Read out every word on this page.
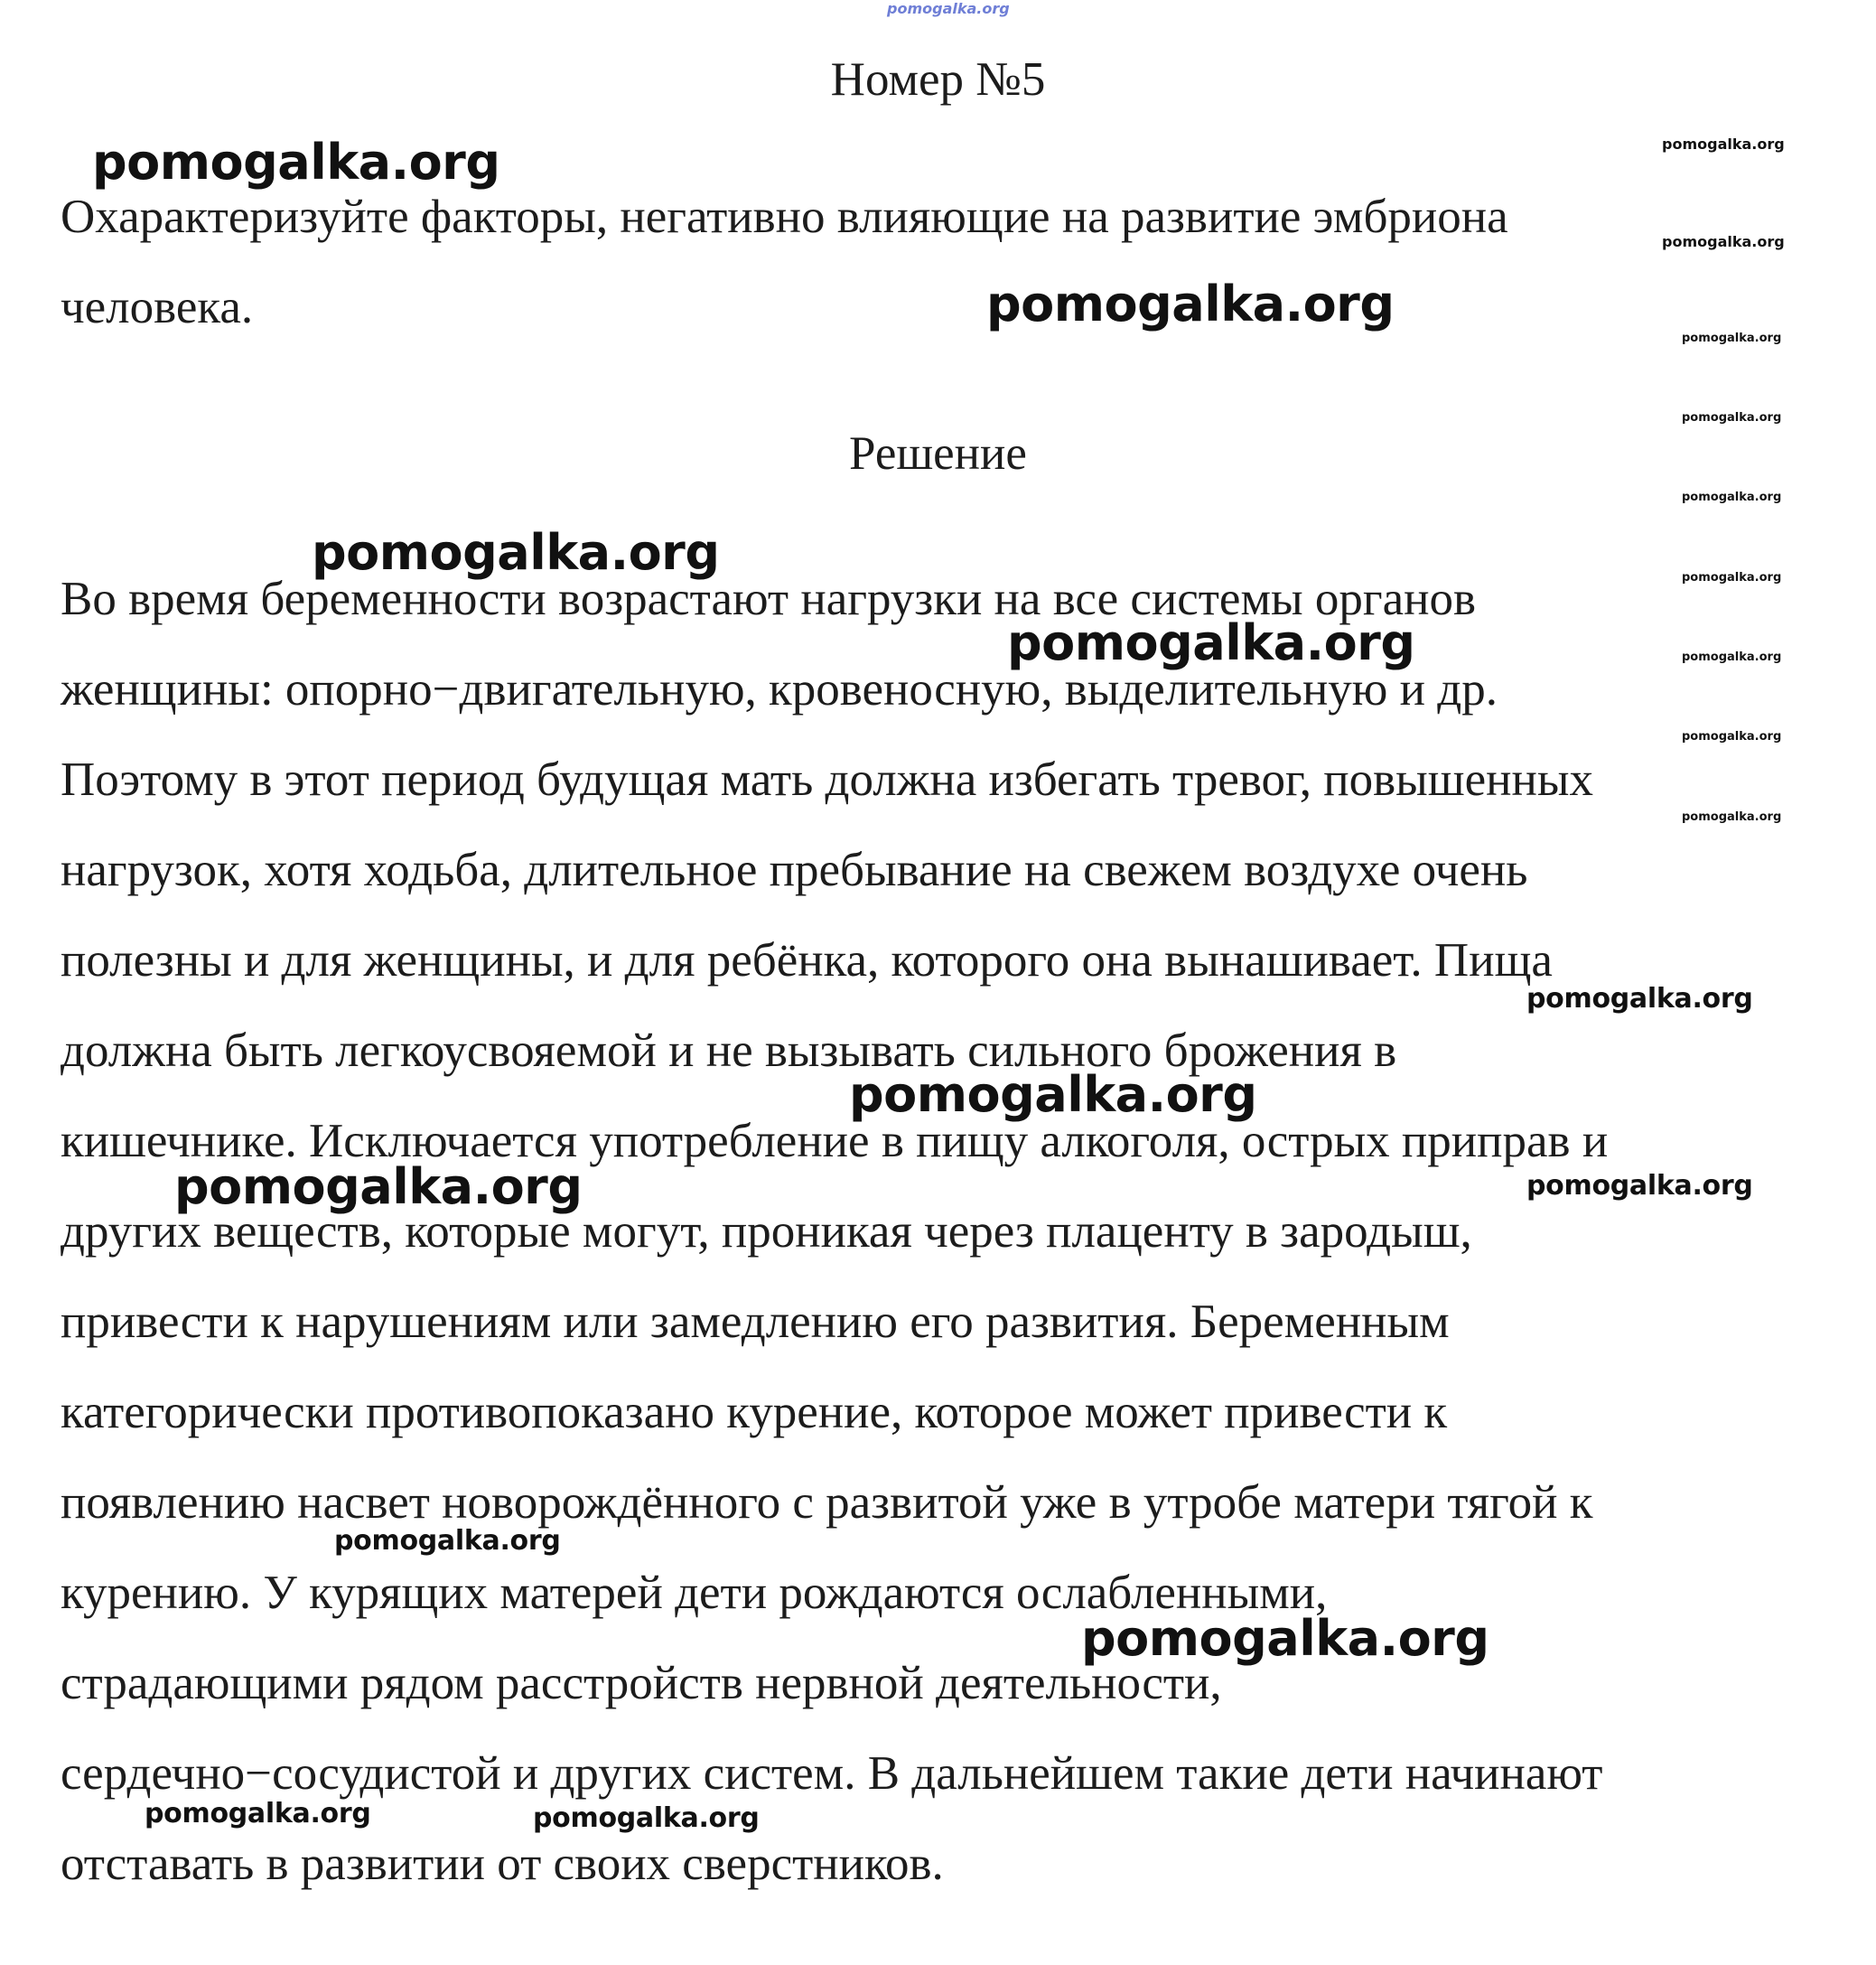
pomogalka.org
Номер №5
Охарактеризуйте факторы, негативно влияющие на развитие эмбриона
человека.
Решение
Во время беременности возрастают нагрузки на все системы органов
женщины: опорно−двигательную, кровеносную, выделительную и др.
Поэтому в этот период будущая мать должна избегать тревог, повышенных
нагрузок, хотя ходьба, длительное пребывание на свежем воздухе очень
полезны и для женщины, и для ребёнка, которого она вынашивает. Пища
должна быть легкоусвояемой и не вызывать сильного брожения в
кишечнике. Исключается употребление в пищу алкоголя, острых приправ и
других веществ, которые могут, проникая через плаценту в зародыш,
привести к нарушениям или замедлению его развития. Беременным
категорически противопоказано курение, которое может привести к
появлению насвет новорождённого с развитой уже в утробе матери тягой к
курению. У курящих матерей дети рождаются ослабленными,
страдающими рядом расстройств нервной деятельности,
сердечно−сосудистой и других систем. В дальнейшем такие дети начинают
отставать в развитии от своих сверстников.
pomogalka.org
pomogalka.org
pomogalka.org
pomogalka.org
pomogalka.org
pomogalka.org
pomogalka.org
pomogalka.org
pomogalka.org
pomogalka.org
pomogalka.org	pomogalka.org
pomogalka.org
pomogalka.org
pomogalka.org
pomogalka.org
pomogalka.org
pomogalka.org
pomogalka.org
pomogalka.org
pomogalka.org
